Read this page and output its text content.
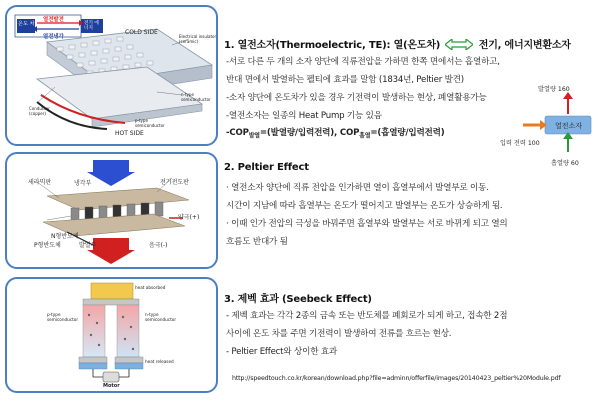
온도 차
열전발전
열전냉각
전기 에너지
COLD SIDE
Electrical insulator (ceramic)
Conductor (copper)
n-type semiconductor
p-type semiconductor
HOT SIDE
1. 열전소자(Thermoelectric, TE): 열(온도차)	전기, 에너지변환소자
-서로 다른 두 개의 소자 양단에 직류전압을 가하면 한쪽 면에서는 흡열하고,
반대 면에서 발열하는 펠티에 효과를 말함 (1834년, Peltier 발견)
-소자 양단에 온도차가 있을 경우 기전력이 발생하는 현상, 폐열활용가능
-열전소자는 일종의 Heat Pump 기능 있음
$-COP_{발열}=$(발열량/입력전력), $COP_{흡열}=$(흡열량/입력전력)
열전소자
발열량 160
입력 전력 100
흡열량 60
세라믹판	냉각부	전기전도판
양극(+)
N형반도체
P형반도체	발열부	음극(-)
2. Peltier Effect
· 열전소자 양단에 직류 전압을 인가하면 열이 흡열부에서 발열부로 이동.
시간이 지남에 따라 흡열부는 온도가 떨어지고 발열부는 온도가 상승하게 됨.
· 이때 인가 전압의 극성을 바꿔주면 흡열부와 발열부는 서로 바뀌게 되고 열의
흐름도 반대가 됨
heat absorbed
p-type semiconductor
n-type semiconductor
heat released
Motor
3. 제벡 효과 (Seebeck Effect)
- 제벡 효과는 각각 2종의 금속 또는 반도체를 폐회로가 되게 하고, 접속한 2점
사이에 온도 차를 주면 기전력이 발생하여 전류를 흐르는 현상.
- Peltier Effect와 상이한 효과
http://speedtouch.co.kr/korean/download.php?file=adminn/offerfile/images/20140423_peltier%20Module.pdf
